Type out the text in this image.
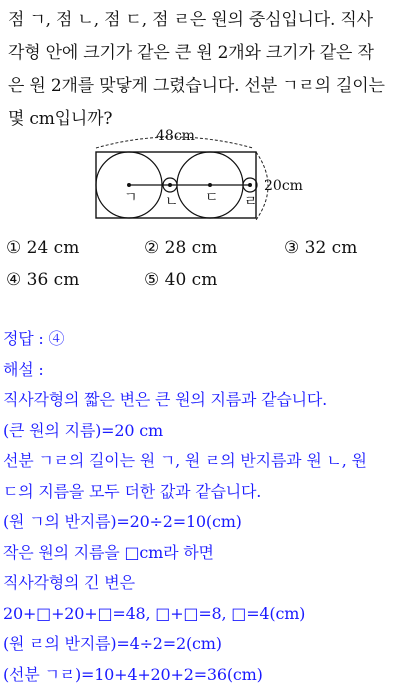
점 ㄱ, 점 ㄴ, 점 ㄷ, 점 ㄹ은 원의 중심입니다. 직사
각형 안에 크기가 같은 큰 원 2개와 크기가 같은 작
은 원 2개를 맞닿게 그렸습니다. 선분 ㄱㄹ의 길이는
몇 cm입니까?
48cm
20cm
ㄱ ㄴ ㄷ ㄹ
① 24 cm	② 28 cm	③ 32 cm
④ 36 cm	⑤ 40 cm
정답 : ④
해설 :
직사각형의 짧은 변은 큰 원의 지름과 같습니다.
(큰 원의 지름)=20 cm
선분 ㄱㄹ의 길이는 원 ㄱ, 원 ㄹ의 반지름과 원 ㄴ, 원
ㄷ의 지름을 모두 더한 값과 같습니다.
(원 ㄱ의 반지름)=20÷2=10(cm)
작은 원의 지름을 □cm라 하면
직사각형의 긴 변은
20+□+20+□=48, □+□=8, □=4(cm)
(원 ㄹ의 반지름)=4÷2=2(cm)
(선분 ㄱㄹ)=10+4+20+2=36(cm)
